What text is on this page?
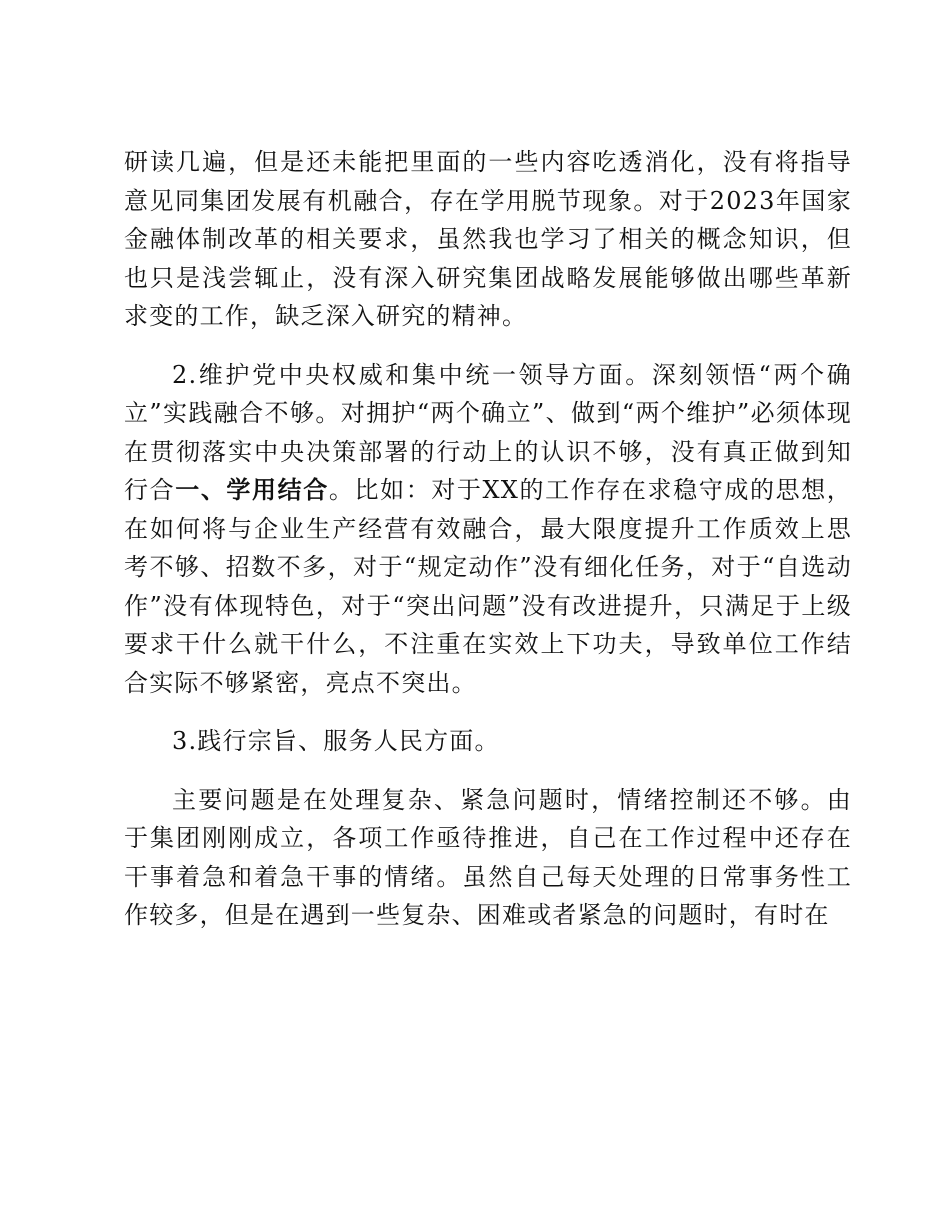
研读几遍，但是还未能把里面的一些内容吃透消化，没有将指导意见同集团发展有机融合，存在学用脱节现象。对于2023年国家金融体制改革的相关要求，虽然我也学习了相关的概念知识，但也只是浅尝辄止，没有深入研究集团战略发展能够做出哪些革新求变的工作，缺乏深入研究的精神。

2.维护党中央权威和集中统一领导方面。深刻领悟“两个确立”实践融合不够。对拥护“两个确立”、做到“两个维护”必须体现在贯彻落实中央决策部署的行动上的认识不够，没有真正做到知行合一、学用结合。比如：对于XX的工作存在求稳守成的思想，在如何将与企业生产经营有效融合，最大限度提升工作质效上思考不够、招数不多，对于“规定动作”没有细化任务，对于“自选动作”没有体现特色，对于“突出问题”没有改进提升，只满足于上级要求干什么就干什么，不注重在实效上下功夫，导致单位工作结合实际不够紧密，亮点不突出。

3.践行宗旨、服务人民方面。

主要问题是在处理复杂、紧急问题时，情绪控制还不够。由于集团刚刚成立，各项工作亟待推进，自己在工作过程中还存在干事着急和着急干事的情绪。虽然自己每天处理的日常事务性工作较多，但是在遇到一些复杂、困难或者紧急的问题时，有时在
